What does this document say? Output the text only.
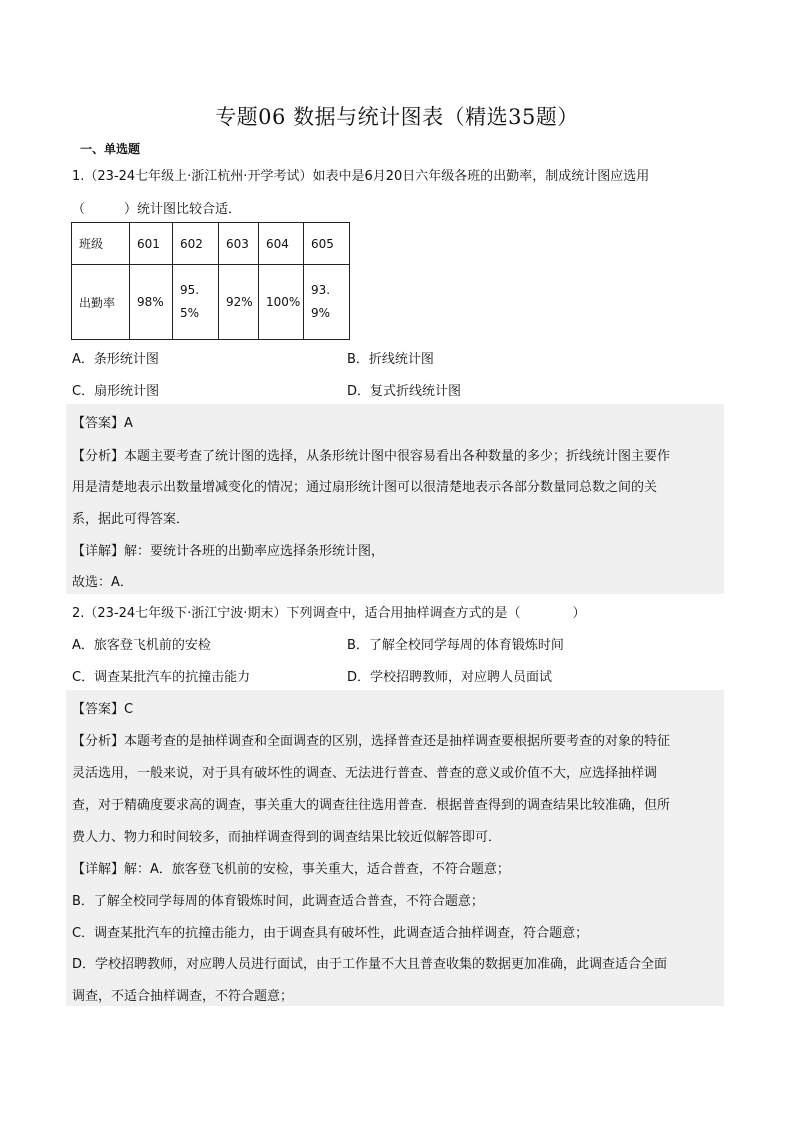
专题06 数据与统计图表（精选35题）
一、单选题
1.（23-24七年级上·浙江杭州·开学考试）如表中是6月20日六年级各班的出勤率，制成统计图应选用
（　　　）统计图比较合适．
班级	601	602	603	604	605
出勤率	98%	95.5%	92%	100%	93.9%
A．条形统计图	B．折线统计图
C．扇形统计图	D．复式折线统计图
【答案】A
【分析】本题主要考查了统计图的选择，从条形统计图中很容易看出各种数量的多少；折线统计图主要作
用是清楚地表示出数量增减变化的情况；通过扇形统计图可以很清楚地表示各部分数量同总数之间的关
系，据此可得答案．
【详解】解：要统计各班的出勤率应选择条形统计图，
故选：A．
2.（23-24七年级下·浙江宁波·期末）下列调查中，适合用抽样调查方式的是（　　　　）
A．旅客登飞机前的安检	B．了解全校同学每周的体育锻炼时间
C．调查某批汽车的抗撞击能力	D．学校招聘教师，对应聘人员面试
【答案】C
【分析】本题考查的是抽样调查和全面调查的区别，选择普查还是抽样调查要根据所要考查的对象的特征
灵活选用，一般来说，对于具有破坏性的调查、无法进行普查、普查的意义或价值不大，应选择抽样调
查，对于精确度要求高的调查，事关重大的调查往往选用普查．根据普查得到的调查结果比较准确，但所
费人力、物力和时间较多，而抽样调查得到的调查结果比较近似解答即可．
【详解】解：A．旅客登飞机前的安检，事关重大，适合普查，不符合题意；
B．了解全校同学每周的体育锻炼时间，此调查适合普查，不符合题意；
C．调查某批汽车的抗撞击能力，由于调查具有破坏性，此调查适合抽样调查，符合题意；
D．学校招聘教师，对应聘人员进行面试，由于工作量不大且普查收集的数据更加准确，此调查适合全面
调查，不适合抽样调查，不符合题意；
